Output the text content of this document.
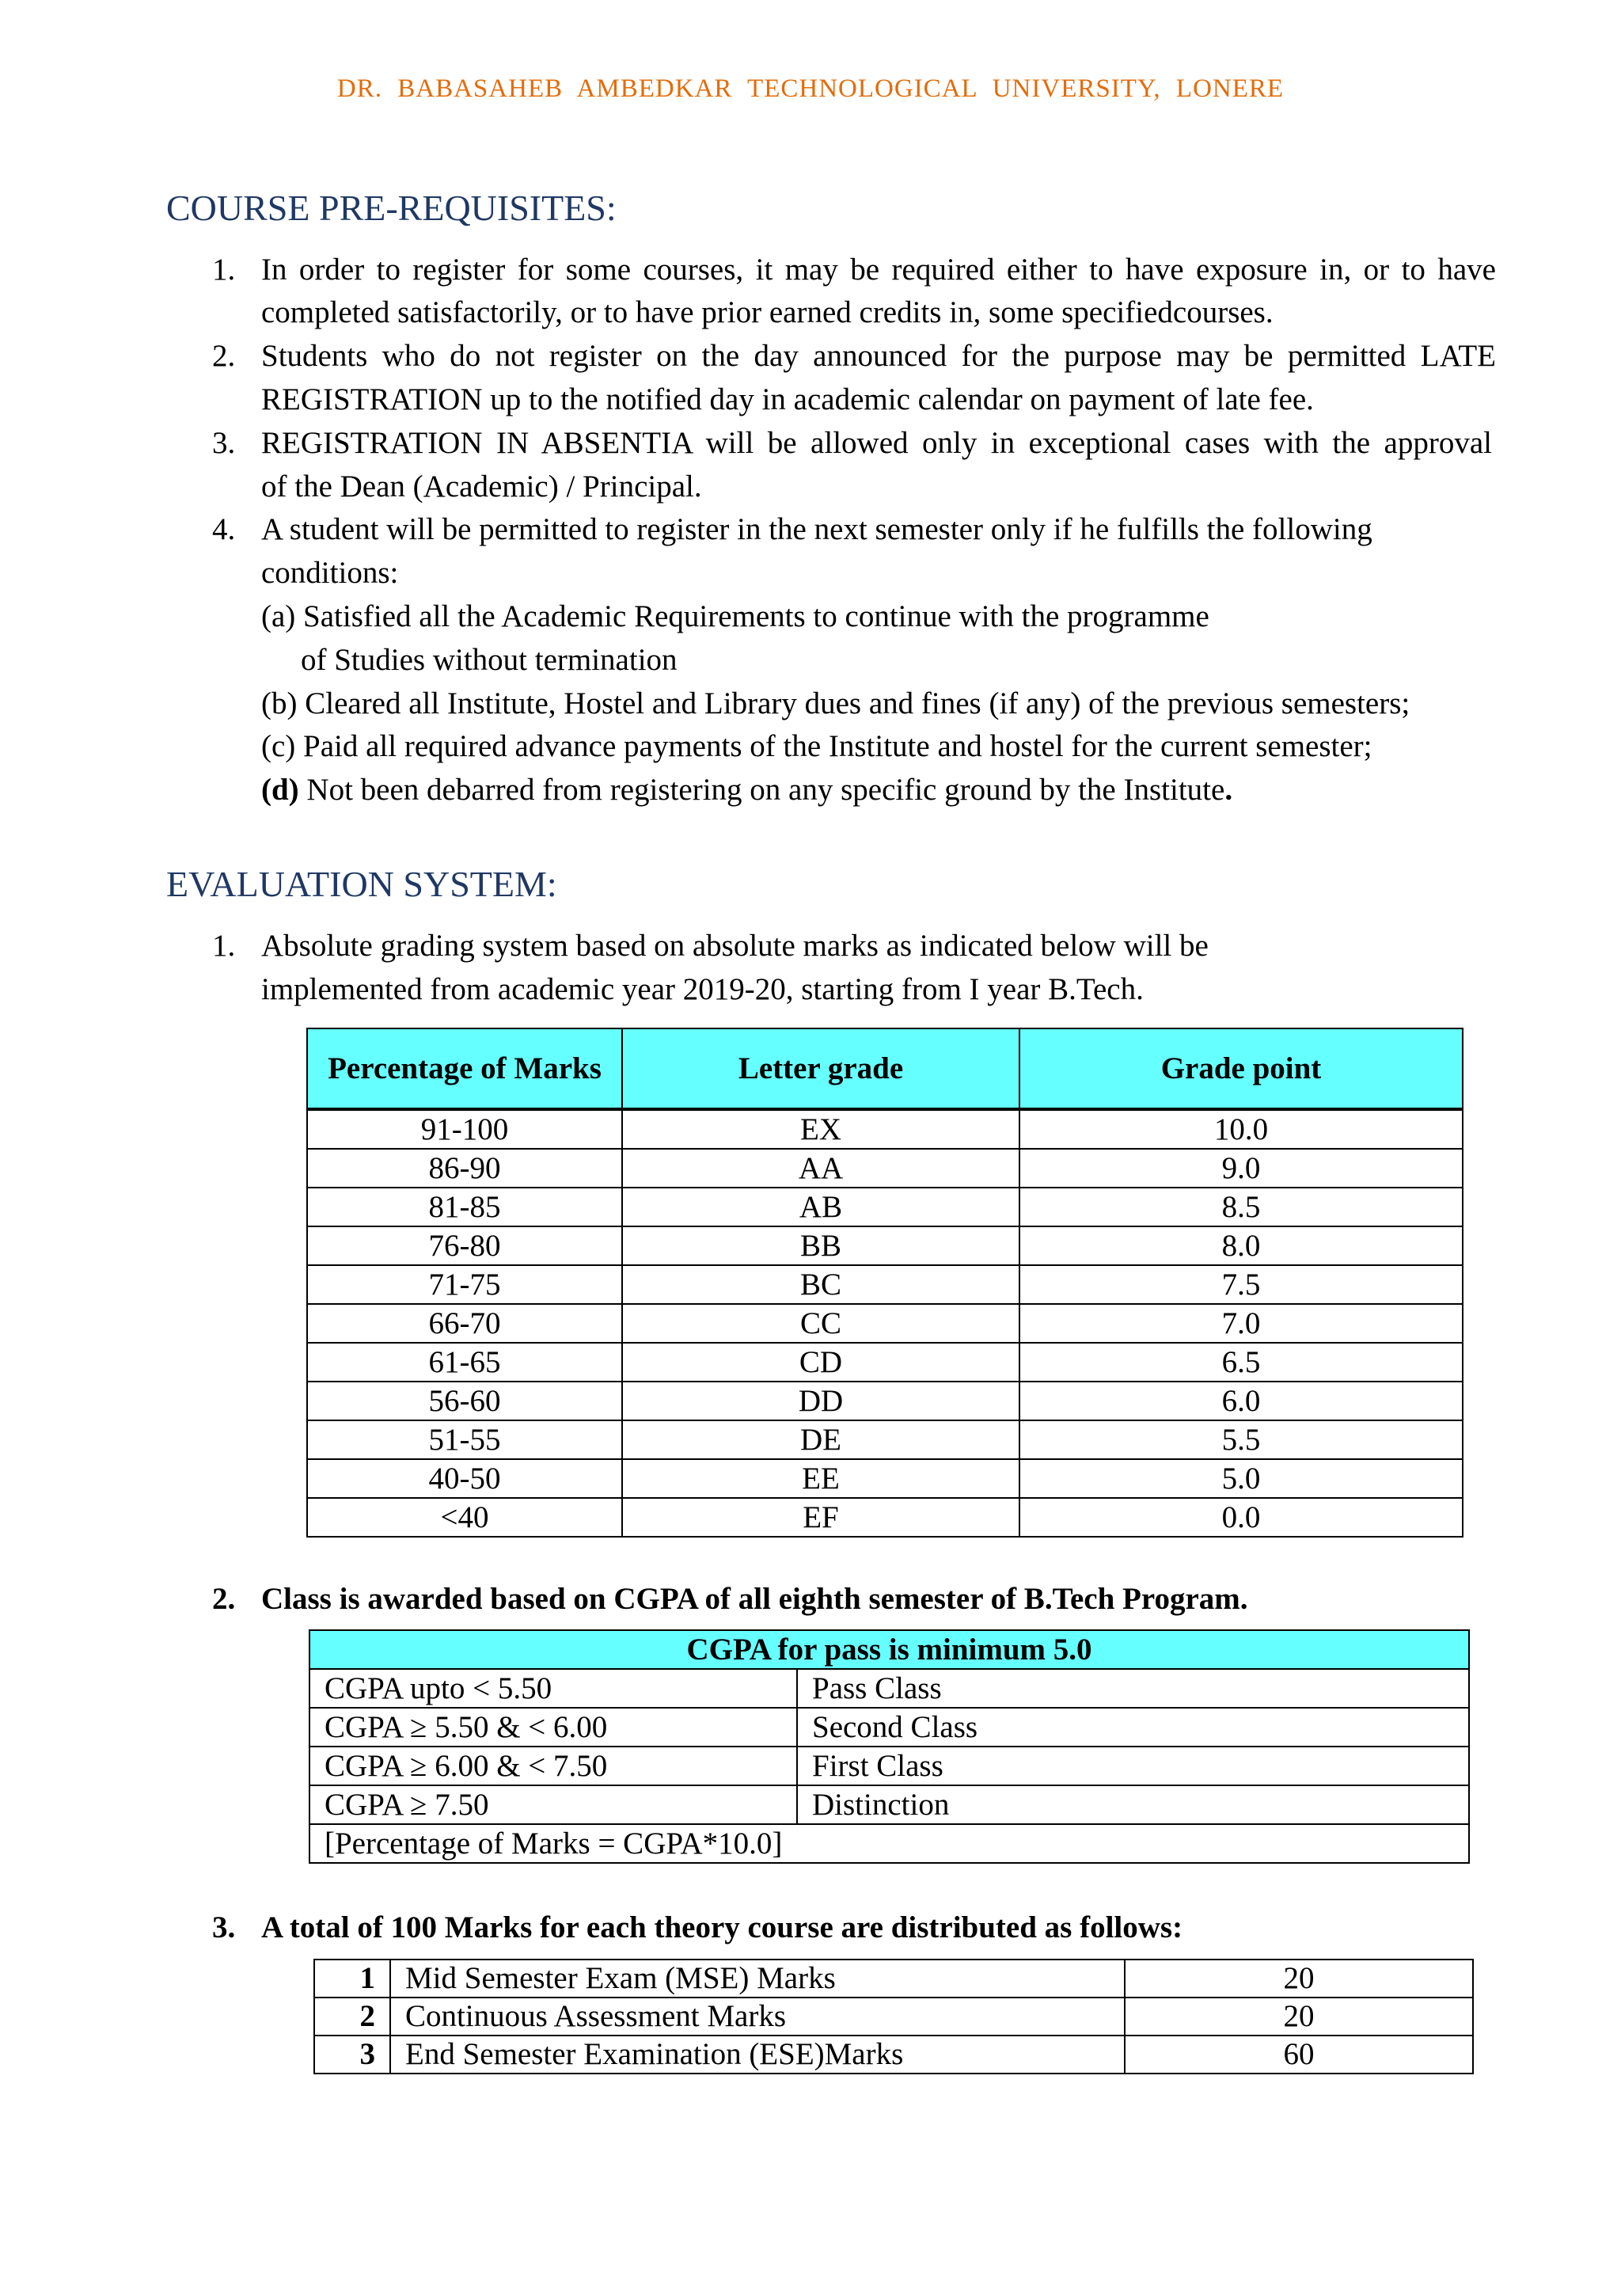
DR. BABASAHEB AMBEDKAR TECHNOLOGICAL UNIVERSITY, LONERE
COURSE PRE-REQUISITES:
1. In order to register for some courses, it may be required either to have exposure in, or to have
completed satisfactorily, or to have prior earned credits in, some specifiedcourses.
2. Students who do not register on the day announced for the purpose may be permitted LATE
REGISTRATION up to the notified day in academic calendar on payment of late fee.
3. REGISTRATION IN ABSENTIA will be allowed only in exceptional cases with the approval
of the Dean (Academic) / Principal.
4. A student will be permitted to register in the next semester only if he fulfills the following
conditions:
(a) Satisfied all the Academic Requirements to continue with the programme
of Studies without termination
(b) Cleared all Institute, Hostel and Library dues and fines (if any) of the previous semesters;
(c) Paid all required advance payments of the Institute and hostel for the current semester;
(d) Not been debarred from registering on any specific ground by the Institute.
EVALUATION SYSTEM:
1. Absolute grading system based on absolute marks as indicated below will be
implemented from academic year 2019-20, starting from I year B.Tech.
Percentage of Marks	Letter grade	Grade point
91-100	EX	10.0
86-90	AA	9.0
81-85	AB	8.5
76-80	BB	8.0
71-75	BC	7.5
66-70	CC	7.0
61-65	CD	6.5
56-60	DD	6.0
51-55	DE	5.5
40-50	EE	5.0
<40	EF	0.0
2. Class is awarded based on CGPA of all eighth semester of B.Tech Program.
CGPA for pass is minimum 5.0	
CGPA upto < 5.50	Pass Class
CGPA ≥ 5.50 & < 6.00	Second Class
CGPA ≥ 6.00 & < 7.50	First Class
CGPA ≥ 7.50	Distinction
[Percentage of Marks = CGPA*10.0]	
3. A total of 100 Marks for each theory course are distributed as follows:
1	Mid Semester Exam (MSE) Marks	20
2	Continuous Assessment Marks	20
3	End Semester Examination (ESE)Marks	60
